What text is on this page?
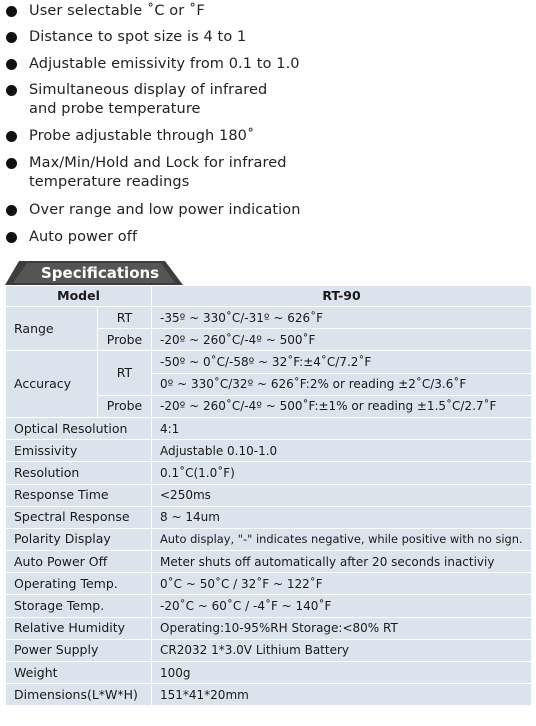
User selectable ˚C or ˚F
Distance to spot size is 4 to 1
Adjustable emissivity from 0.1 to 1.0
Simultaneous display of infrared
and probe temperature
Probe adjustable through 180˚
Max/Min/Hold and Lock for infrared
temperature readings
Over range and low power indication
Auto power off
Specifications
Model		RT-90
Range	RT	-35º ~ 330˚C/-31º ~ 626˚F
	Probe	-20º ~ 260˚C/-4º ~ 500˚F
Accuracy	RT	-50º ~ 0˚C/-58º ~ 32˚F:±4˚C/7.2˚F
		0º ~ 330˚C/32º ~ 626˚F:2% or reading ±2˚C/3.6˚F
	Probe	-20º ~ 260˚C/-4º ~ 500˚F:±1% or reading ±1.5˚C/2.7˚F
Optical Resolution		4:1
Emissivity		Adjustable 0.10-1.0
Resolution		0.1˚C(1.0˚F)
Response Time		<250ms
Spectral Response		8 ~ 14um
Polarity Display		Auto display, "-" indicates negative, while positive with no sign.
Auto Power Off		Meter shuts off automatically after 20 seconds inactiviy
Operating Temp.		0˚C ~ 50˚C / 32˚F ~ 122˚F
Storage Temp.		-20˚C ~ 60˚C / -4˚F ~ 140˚F
Relative Humidity		Operating:10-95%RH Storage:<80% RT
Power Supply		CR2032 1*3.0V Lithium Battery
Weight		100g
Dimensions(L*W*H)		151*41*20mm
